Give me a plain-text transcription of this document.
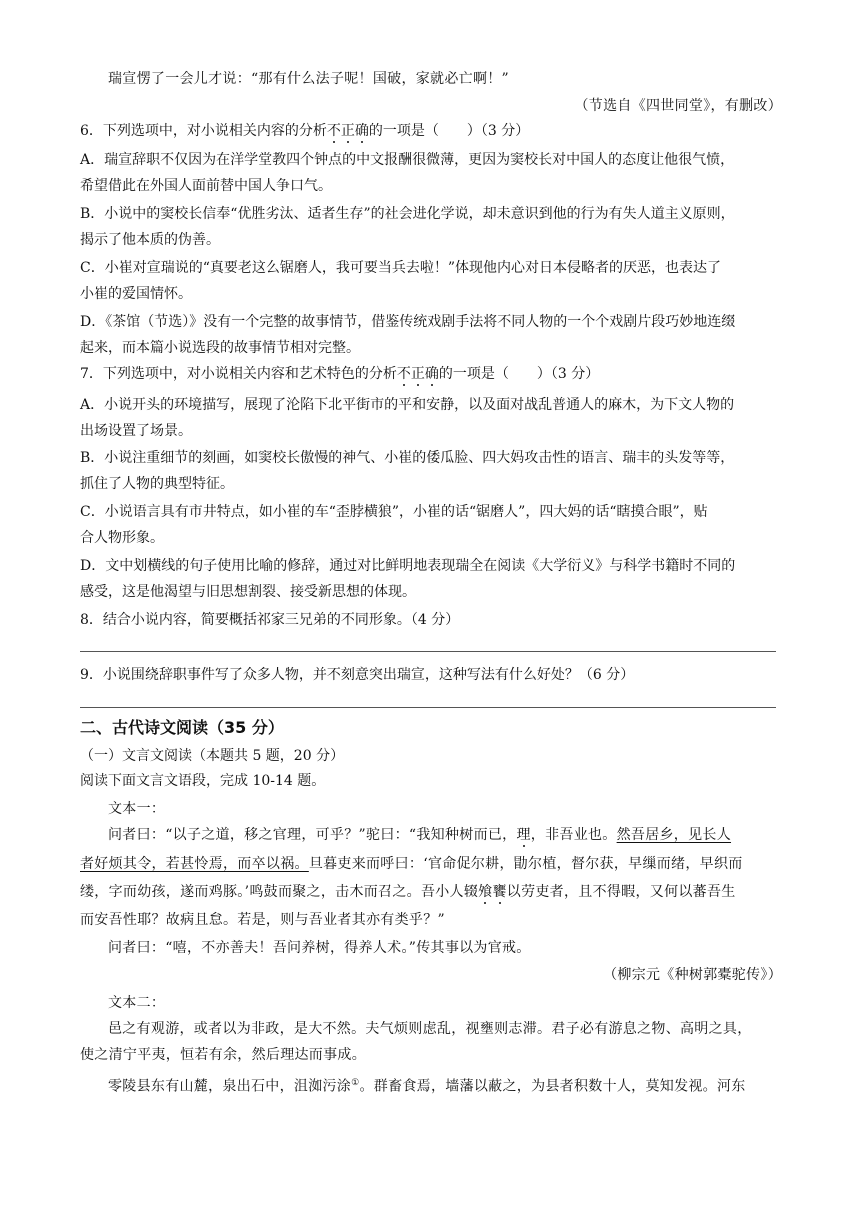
瑞宣愣了一会儿才说：“那有什么法子呢！国破，家就必亡啊！”
（节选自《四世同堂》，有删改）
6．下列选项中，对小说相关内容的分析不正确的一项是（　　）（3 分）
A．瑞宣辞职不仅因为在洋学堂教四个钟点的中文报酬很微薄，更因为窦校长对中国人的态度让他很气愤，
希望借此在外国人面前替中国人争口气。
B．小说中的窦校长信奉“优胜劣汰、适者生存”的社会进化学说，却未意识到他的行为有失人道主义原则，
揭示了他本质的伪善。
C．小崔对宣瑞说的“真要老这么锯磨人，我可要当兵去啦！”体现他内心对日本侵略者的厌恶，也表达了
小崔的爱国情怀。
D．《茶馆（节选）》没有一个完整的故事情节，借鉴传统戏剧手法将不同人物的一个个戏剧片段巧妙地连缀
起来，而本篇小说选段的故事情节相对完整。
7．下列选项中，对小说相关内容和艺术特色的分析不正确的一项是（　　）（3 分）
A．小说开头的环境描写，展现了沦陷下北平街市的平和安静，以及面对战乱普通人的麻木，为下文人物的
出场设置了场景。
B．小说注重细节的刻画，如窦校长傲慢的神气、小崔的倭瓜脸、四大妈攻击性的语言、瑞丰的头发等等，
抓住了人物的典型特征。
C．小说语言具有市井特点，如小崔的车“歪脖横狼”，小崔的话“锯磨人”，四大妈的话“瞎摸合眼”，贴
合人物形象。
D．文中划横线的句子使用比喻的修辞，通过对比鲜明地表现瑞全在阅读《大学衍义》与科学书籍时不同的
感受，这是他渴望与旧思想割裂、接受新思想的体现。
8．结合小说内容，简要概括祁家三兄弟的不同形象。（4 分）
9．小说围绕辞职事件写了众多人物，并不刻意突出瑞宣，这种写法有什么好处？（6 分）
二、古代诗文阅读（35 分）
（一）文言文阅读（本题共 5 题，20 分）
阅读下面文言文语段，完成 10-14 题。
文本一：
问者曰：“以子之道，移之官理，可乎？”驼曰：“我知种树而已，理，非吾业也。然吾居乡，见长人
者好烦其令，若甚怜焉，而卒以祸。旦暮吏来而呼曰：‘官命促尔耕，勖尔植，督尔获，早缫而绪，早织而
缕，字而幼孩，遂而鸡豚。’鸣鼓而聚之，击木而召之。吾小人辍飧饔以劳吏者，且不得暇，又何以蕃吾生
而安吾性耶？故病且怠。若是，则与吾业者其亦有类乎？”
问者曰：“嘻，不亦善夫！吾问养树，得养人术。”传其事以为官戒。
（柳宗元《种树郭橐驼传》）
文本二：
邑之有观游，或者以为非政，是大不然。夫气烦则虑乱，视壅则志滞。君子必有游息之物、高明之具，
使之清宁平夷，恒若有余，然后理达而事成。
零陵县东有山麓，泉出石中，沮洳污涂①。群畜食焉，墙藩以蔽之，为县者积数十人，莫知发视。河东
